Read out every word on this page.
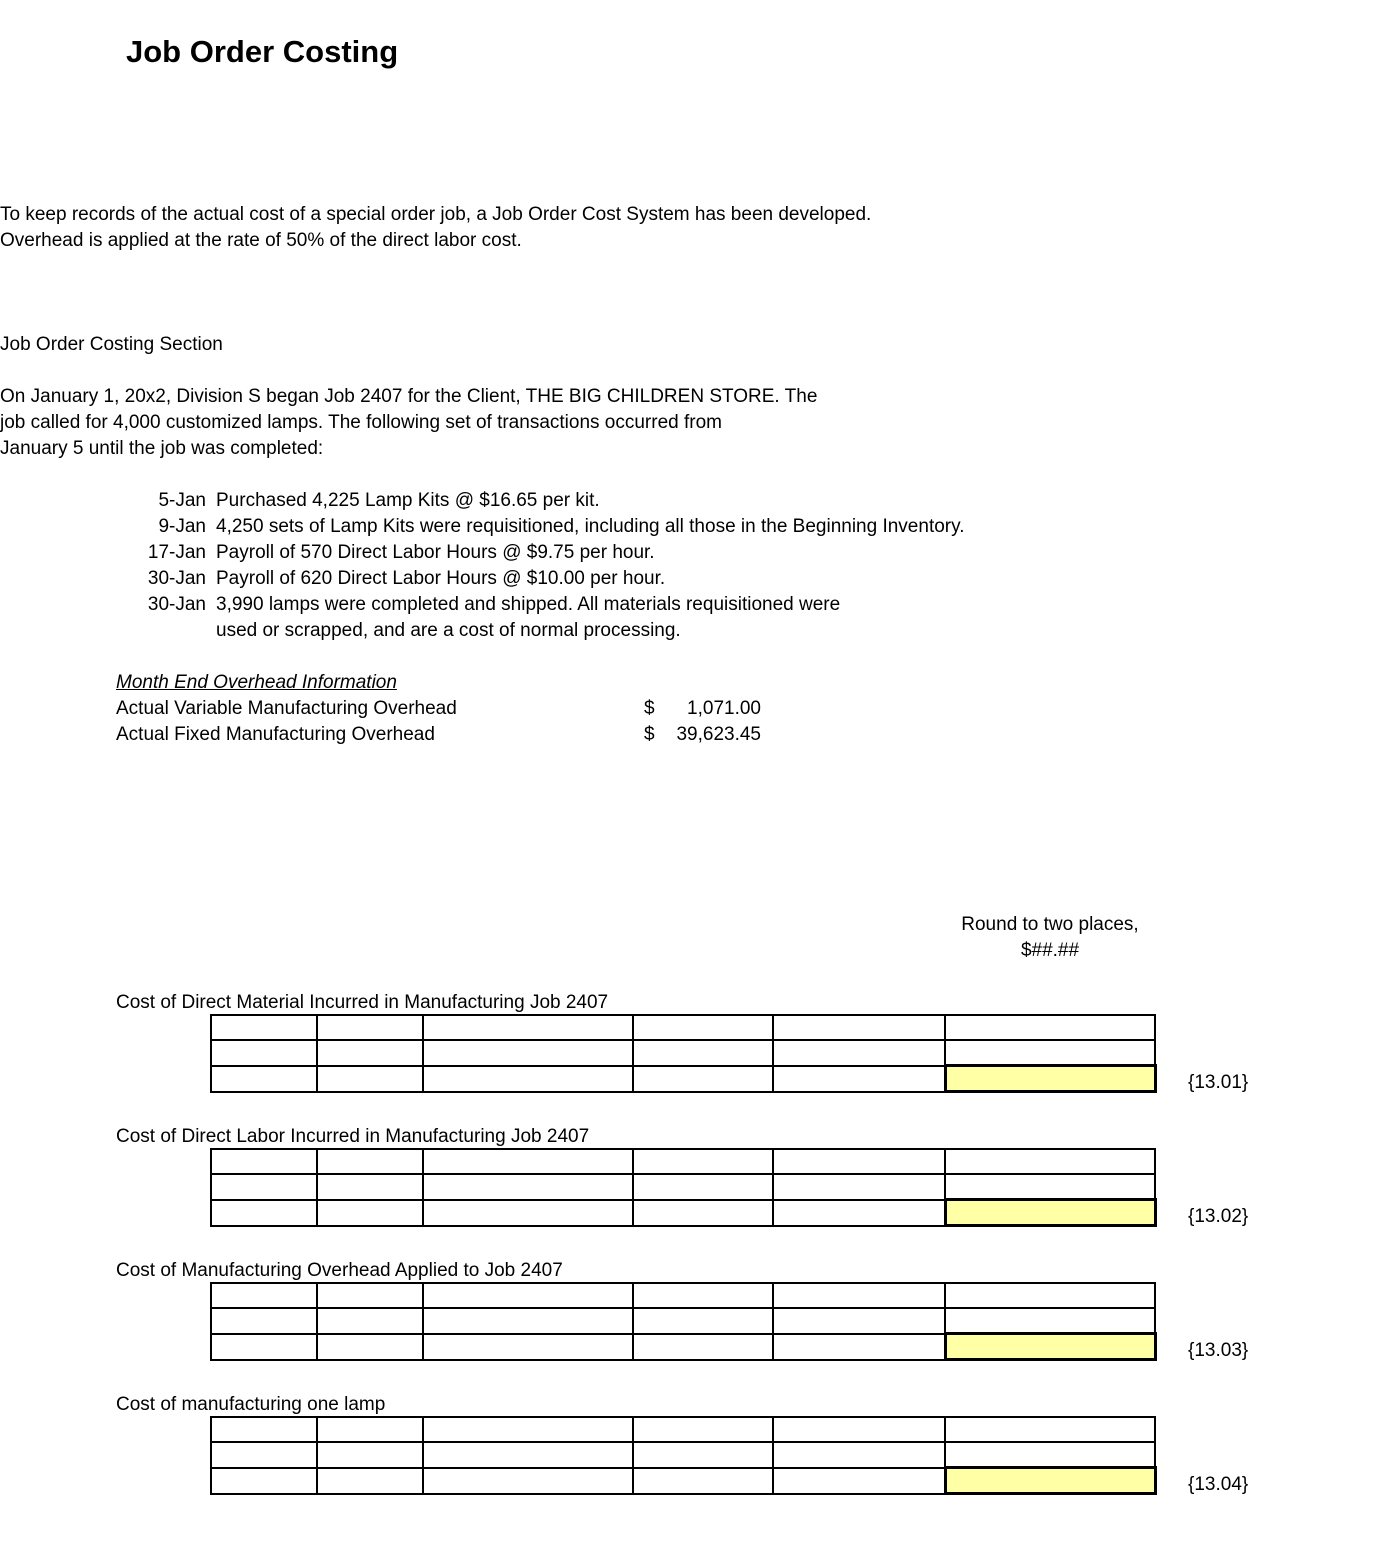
Job Order Costing
To keep records of the actual cost of a special order job, a Job Order Cost System has been developed.
Overhead is applied at the rate of 50% of the direct labor cost.
Job Order Costing Section
On January 1, 20x2, Division S began Job 2407 for the Client, THE BIG CHILDREN STORE. The
job called for 4,000 customized lamps. The following set of transactions occurred from
January 5 until the job was completed:
5-Jan Purchased 4,225 Lamp Kits @ $16.65 per kit.
9-Jan 4,250 sets of Lamp Kits were requisitioned, including all those in the Beginning Inventory.
17-Jan Payroll of 570 Direct Labor Hours @ $9.75 per hour.
30-Jan Payroll of 620 Direct Labor Hours @ $10.00 per hour.
30-Jan 3,990 lamps were completed and shipped. All materials requisitioned were
used or scrapped, and are a cost of normal processing.
Month End Overhead Information
Actual Variable Manufacturing Overhead	$	1,071.00
Actual Fixed Manufacturing Overhead	$	39,623.45
Round to two places,
$##.##
Cost of Direct Material Incurred in Manufacturing Job 2407

{13.01}
Cost of Direct Labor Incurred in Manufacturing Job 2407

{13.02}
Cost of Manufacturing Overhead Applied to Job 2407

{13.03}
Cost of manufacturing one lamp

{13.04}
